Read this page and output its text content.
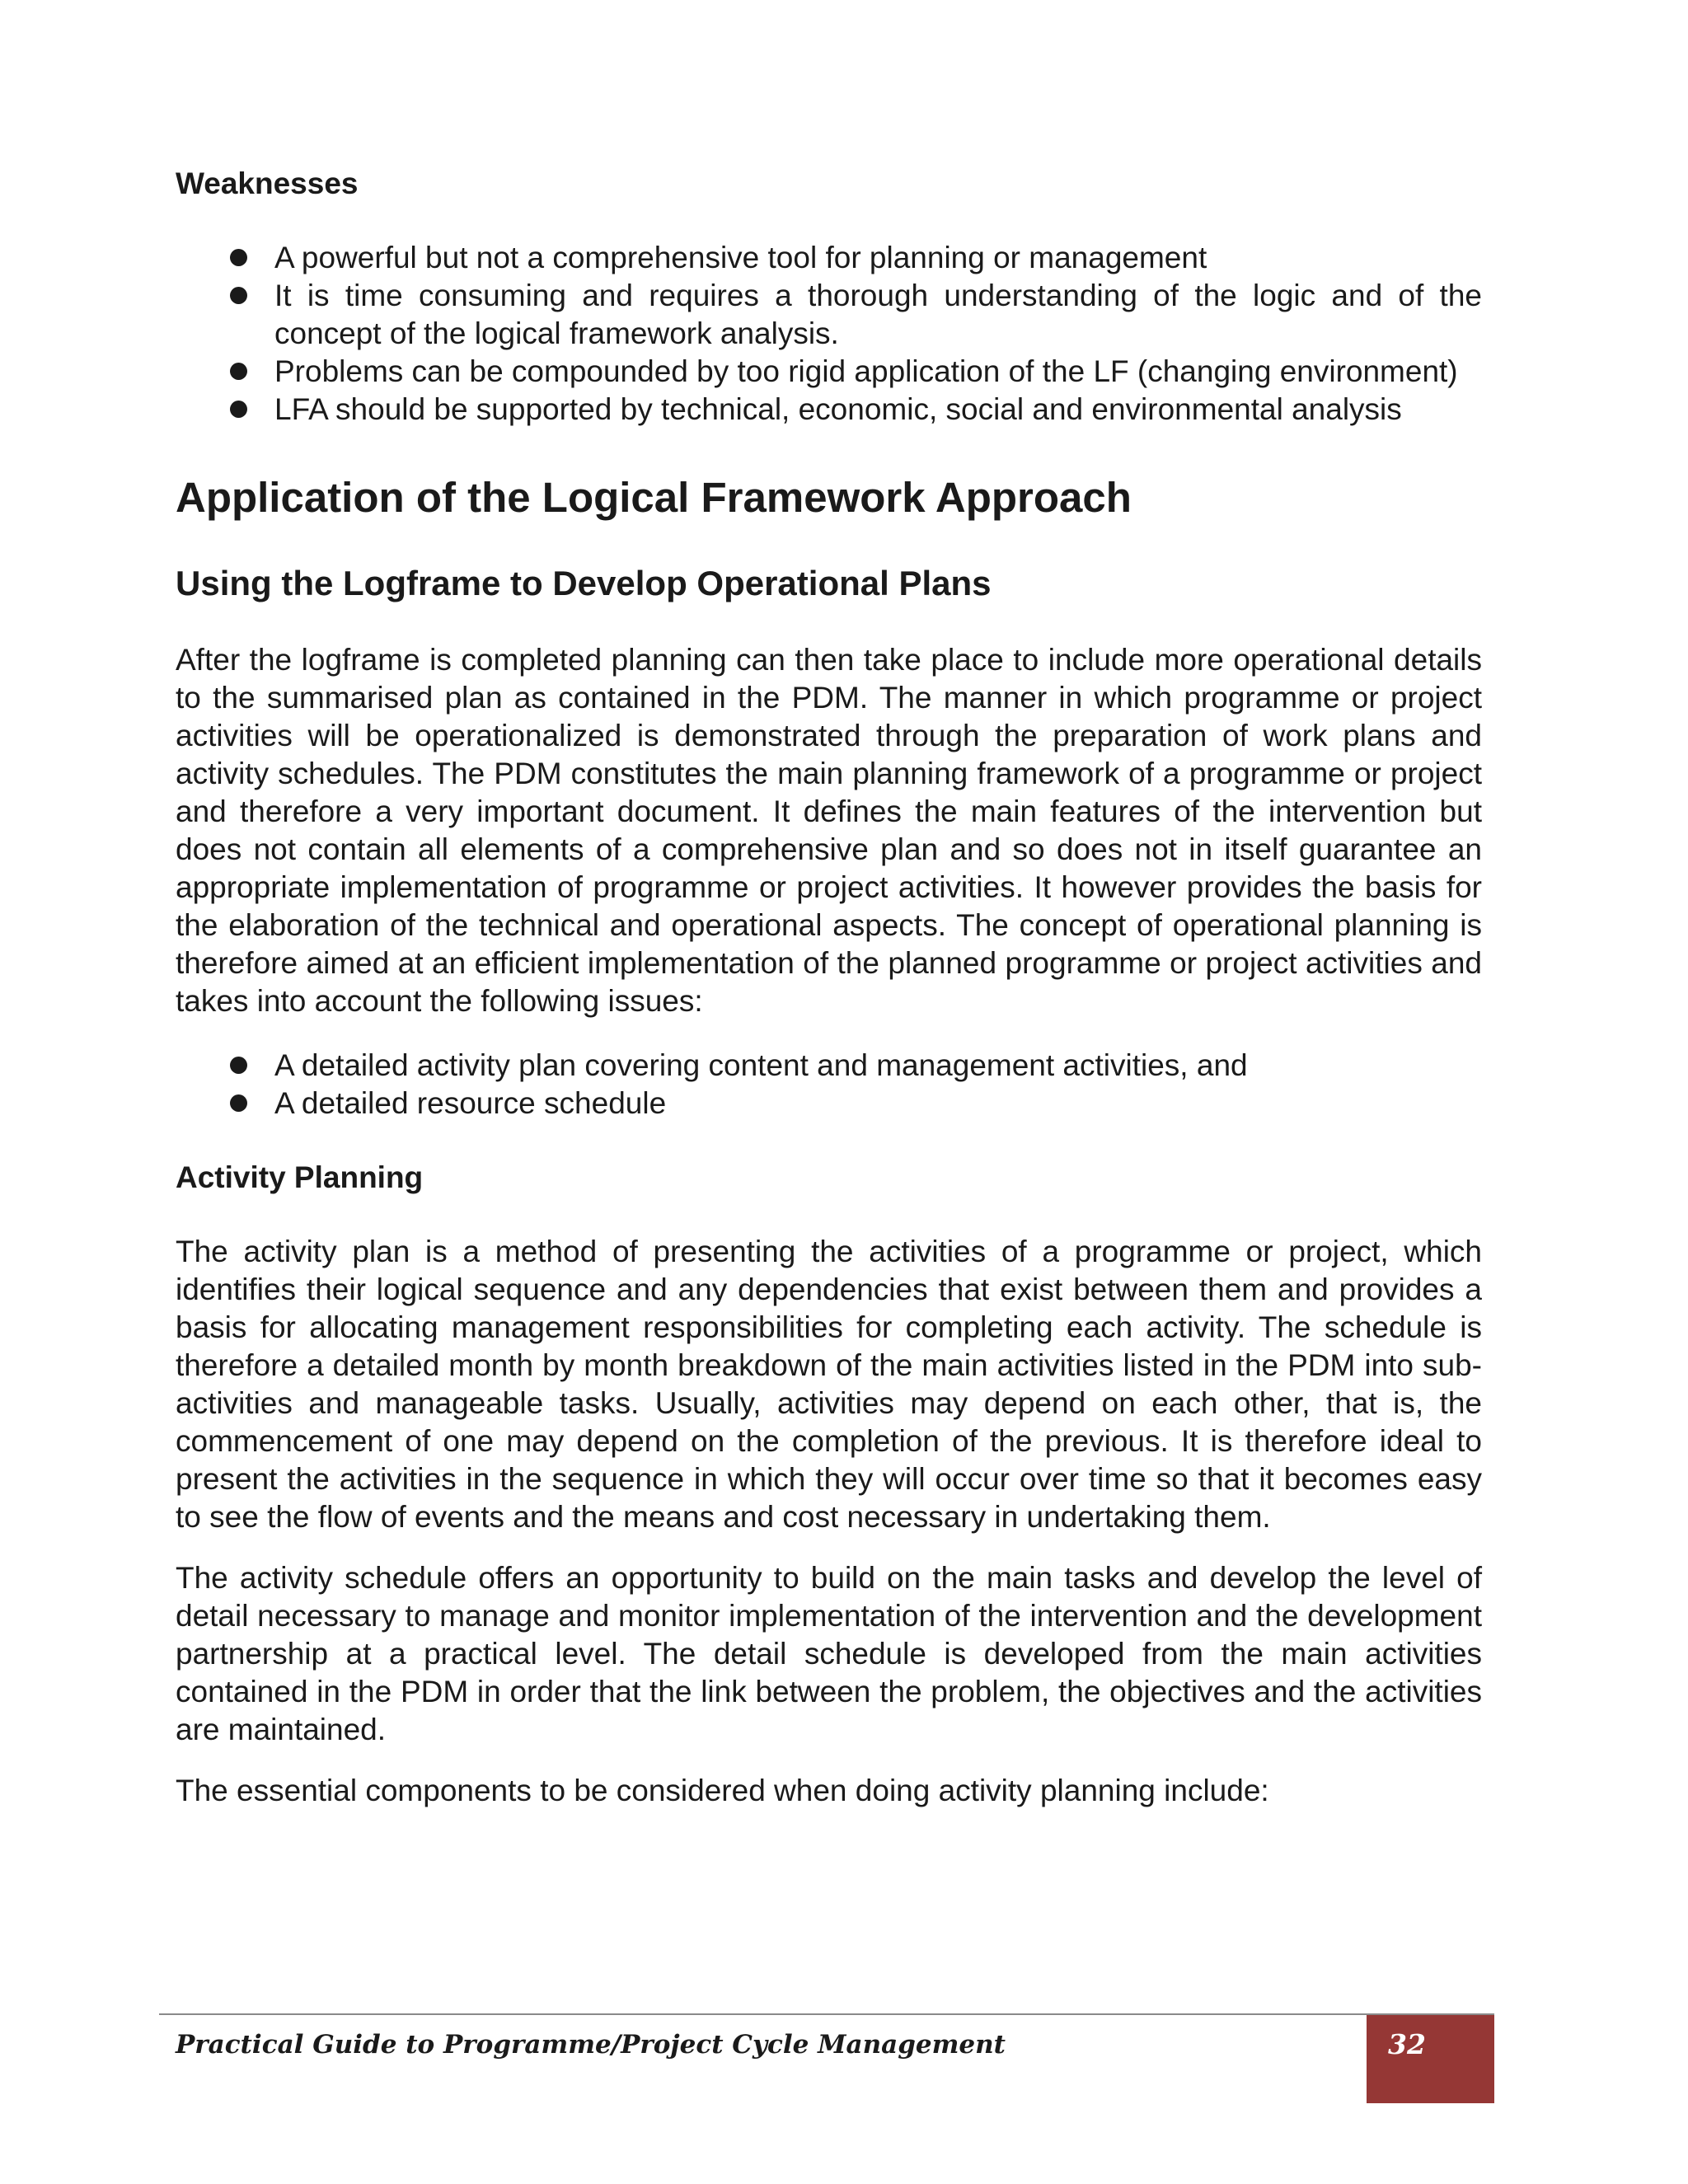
Weaknesses
A powerful but not a comprehensive tool for planning or management
It is time consuming and requires a thorough understanding of the logic and of the concept of the logical framework analysis.
Problems can be compounded by too rigid application of the LF (changing environment)
LFA should be supported by technical, economic, social and environmental analysis
Application of the Logical Framework Approach
Using the Logframe to Develop Operational Plans

After the logframe is completed planning can then take place to include more operational details to the summarised plan as contained in the PDM. The manner in which programme or project activities will be operationalized is demonstrated through the preparation of work plans and activity schedules. The PDM constitutes the main planning framework of a programme or project and therefore a very important document. It defines the main features of the intervention but does not contain all elements of a comprehensive plan and so does not in itself guarantee an appropriate implementation of programme or project activities. It however provides the basis for the elaboration of the technical and operational aspects. The concept of operational planning is therefore aimed at an efficient implementation of the planned programme or project activities and takes into account the following issues:

A detailed activity plan covering content and management activities, and
A detailed resource schedule
Activity Planning

The activity plan is a method of presenting the activities of a programme or project, which identifies their logical sequence and any dependencies that exist between them and provides a basis for allocating management responsibilities for completing each activity. The schedule is therefore a detailed month by month breakdown of the main activities listed in the PDM into sub-activities and manageable tasks. Usually, activities may depend on each other, that is, the commencement of one may depend on the completion of the previous. It is therefore ideal to present the activities in the sequence in which they will occur over time so that it becomes easy to see the flow of events and the means and cost necessary in undertaking them.

The activity schedule offers an opportunity to build on the main tasks and develop the level of detail necessary to manage and monitor implementation of the intervention and the development partnership at a practical level. The detail schedule is developed from the main activities contained in the PDM in order that the link between the problem, the objectives and the activities are maintained.

The essential components to be considered when doing activity planning include:

Practical Guide to Programme/Project Cycle Management	32
